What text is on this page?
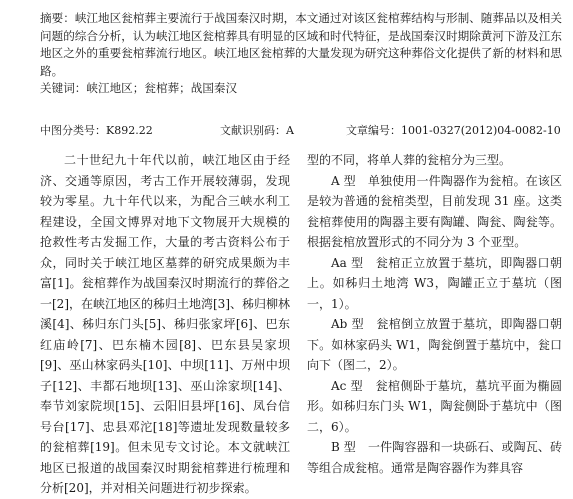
摘要：峡江地区瓮棺葬主要流行于战国秦汉时期，本文通过对该区瓮棺葬结构与形制、随葬品以及相关问题的综合分析，认为峡江地区瓮棺葬具有明显的区域和时代特征，是战国秦汉时期除黄河下游及江东地区之外的重要瓮棺葬流行地区。峡江地区瓮棺葬的大量发现为研究这种葬俗文化提供了新的材料和思路。
关键词：峡江地区；瓮棺葬；战国秦汉
中图分类号：K892.22	文献识别码：A	文章编号：1001-0327(2012)04-0082-10

二十世纪九十年代以前，峡江地区由于经济、交通等原因，考古工作开展较薄弱，发现较为零星。九十年代以来，为配合三峡水利工程建设，全国文博界对地下文物展开大规模的抢救性考古发掘工作，大量的考古资料公布于众，同时关于峡江地区墓葬的研究成果颇为丰富[1]。瓮棺葬作为战国秦汉时期流行的葬俗之一[2]，在峡江地区的秭归土地湾[3]、秭归柳林溪[4]、秭归东门头[5]、秭归张家坪[6]、巴东红庙岭[7]、巴东楠木园[8]、巴东县吴家坝[9]、巫山林家码头[10]、中坝[11]、万州中坝子[12]、丰都石地坝[13]、巫山涂家坝[14]、奉节刘家院坝[15]、云阳旧县坪[16]、凤台信号台[17]、忠县邓沱[18]等遗址发现数量较多的瓮棺葬[19]。但未见专文讨论。本文就峡江地区已报道的战国秦汉时期瓮棺葬进行梳理和分析[20]，并对相关问题进行初步探索。

型的不同，将单人葬的瓮棺分为三型。

A 型　单独使用一件陶器作为瓮棺。在该区是较为普通的瓮棺类型，目前发现 31 座。这类瓮棺葬使用的陶器主要有陶罐、陶瓮、陶瓮等。根据瓮棺放置形式的不同分为 3 个亚型。

Aa 型　瓮棺正立放置于墓坑，即陶器口朝上。如秭归土地湾 W3，陶罐正立于墓坑（图一，1）。

Ab 型　瓮棺倒立放置于墓坑，即陶器口朝下。如林家码头 W1，陶瓮倒置于墓坑中，瓮口向下（图二，2）。

Ac 型　瓮棺侧卧于墓坑，墓坑平面为椭圆形。如秭归东门头 W1，陶瓮侧卧于墓坑中（图二，6）。

B 型　一件陶容器和一块砾石、或陶瓦、砖等组合成瓮棺。通常是陶容器作为葬具容
